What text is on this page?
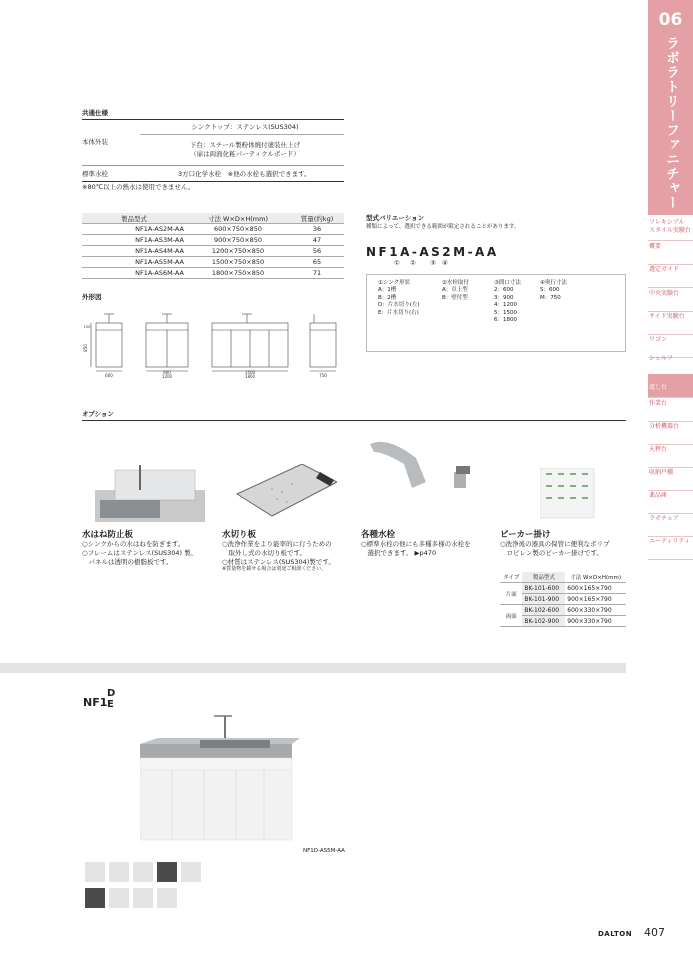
06
ラボラトリーファニチャー
フレキシブル
スタイル実験台
概要
選定ガイド
中央実験台
サイド実験台
ワゴン
シェルフ
流し台
作業台
分析機器台
天秤台
収納戸棚
薬品庫
ラボチェア
ユーティリティ
共通仕様
本体外装
シンクトップ：ステンレス(SUS304)
下台：スチール製粉体焼付塗装仕上げ
（扉は両面化粧パーティクルボード）
標準水栓	3方口化学水栓　※他の水栓も選択できます。
※80℃以上の熱水は使用できません。
製品型式	寸法 W×D×H(mm)	質量(約kg)
NF1A-AS2M-AA	600×750×850	36
NF1A-AS3M-AA	900×750×850	47
NF1A-AS4M-AA	1200×750×850	56
NF1A-AS5M-AA	1500×750×850	65
NF1A-AS6M-AA	1800×750×850	71
外形図
600
900
1200
1500
1800	750
850
150
型式バリエーション
種類によって、選択できる範囲が限定されることがあります。
NF1A-AS2M-AA
① ② ③ ④
①シンク形状
A：1槽
B：2槽
D：片水切り(左)
E：片水切り(右)
②水栓取付
A：卓上型
B：壁付型
③間口寸法
2：600
3：900
4：1200
5：1500
6：1800
④奥行寸法
S：600
M：750
オプション
水はね防止板
○シンクからの水はねを防ぎます。
○フレームはステンレス(SUS304) 製、
　パネルは透明の樹脂板です。
水切り板
○洗浄作業をより能率的に行うための
　取外し式の水切り板です。
○材質はステンレス(SUS304)製です。
※質量物を載せる場合は別途ご相談ください。
各種水栓
○標準水栓の他にも多種多様の水栓を
　選択できます。 ▶p470
ビーカー掛け
○洗浄後の器具の保管に便利なポリプ
　ロピレン製のビーカー掛けです。
タイプ	製品型式	寸法 W×D×H(mm)
片面	BK-101-600	600×165×790
	BK-101-900	900×165×790
両面	BK-102-600	600×330×790
	BK-102-900	900×330×790
NF1
D
E
NF1D-AS5M-AA
DALTON 407
